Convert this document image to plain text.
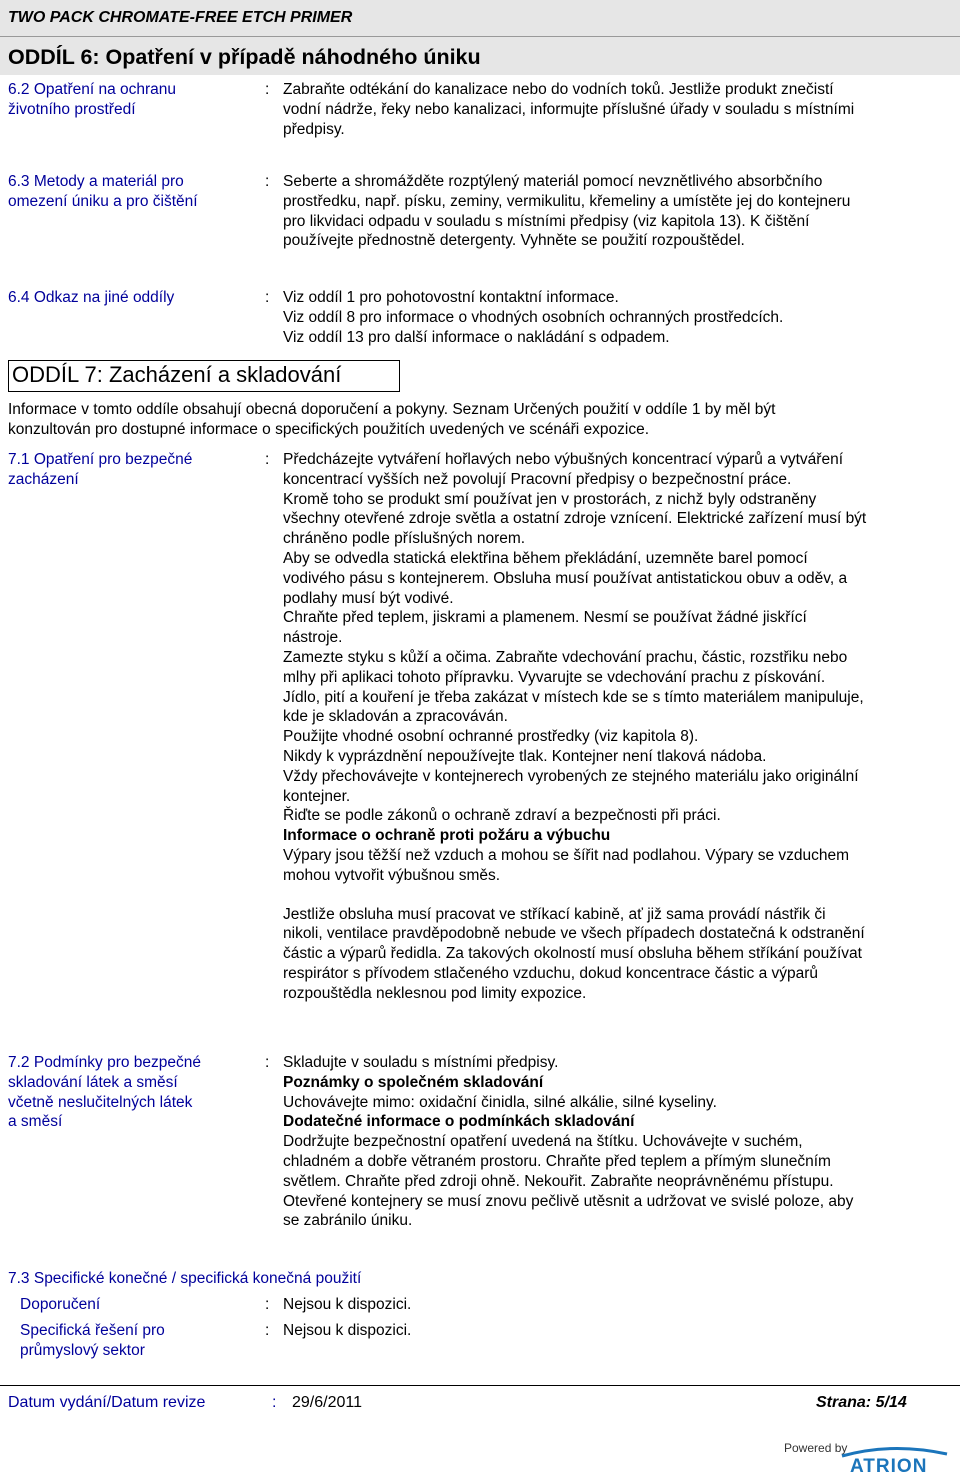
TWO PACK CHROMATE-FREE ETCH PRIMER
ODDÍL 6: Opatření v případě náhodného úniku
6.2 Opatření na ochranu
životního prostředí
: Zabraňte odtékání do kanalizace nebo do vodních toků. Jestliže produkt znečistí
vodní nádrže, řeky nebo kanalizaci, informujte příslušné úřady v souladu s místními
předpisy.
6.3 Metody a materiál pro
omezení úniku a pro čištění
: Seberte a shromážděte rozptýlený materiál pomocí nevznětlivého absorbčního
prostředku, např. písku, zeminy, vermikulitu, křemeliny a umístěte jej do kontejneru
pro likvidaci odpadu v souladu s místními předpisy (viz kapitola 13). K čištění
používejte přednostně detergenty. Vyhněte se použití rozpouštědel.
6.4 Odkaz na jiné oddíly	: Viz oddíl 1 pro pohotovostní kontaktní informace.
Viz oddíl 8 pro informace o vhodných osobních ochranných prostředcích.
Viz oddíl 13 pro další informace o nakládání s odpadem.
ODDÍL 7: Zacházení a skladování
Informace v tomto oddíle obsahují obecná doporučení a pokyny. Seznam Určených použití v oddíle 1 by měl být
konzultován pro dostupné informace o specifických použitích uvedených ve scénáři expozice.
7.1 Opatření pro bezpečné
zacházení
: Předcházejte vytváření hořlavých nebo výbušných koncentrací výparů a vytváření
koncentrací vyšších než povolují Pracovní předpisy o bezpečnostní práce.
Kromě toho se produkt smí používat jen v prostorách, z nichž byly odstraněny
všechny otevřené zdroje světla a ostatní zdroje vznícení. Elektrické zařízení musí být
chráněno podle příslušných norem.
Aby se odvedla statická elektřina během překládání, uzemněte barel pomocí
vodivého pásu s kontejnerem. Obsluha musí používat antistatickou obuv a oděv, a
podlahy musí být vodivé.
Chraňte před teplem, jiskrami a plamenem. Nesmí se používat žádné jiskřící
nástroje.
Zamezte styku s kůží a očima. Zabraňte vdechování prachu, částic, rozstřiku nebo
mlhy při aplikaci tohoto přípravku. Vyvarujte se vdechování prachu z pískování.
Jídlo, pití a kouření je třeba zakázat v místech kde se s tímto materiálem manipuluje,
kde je skladován a zpracováván.
Použijte vhodné osobní ochranné prostředky (viz kapitola 8).
Nikdy k vyprázdnění nepoužívejte tlak. Kontejner není tlaková nádoba.
Vždy přechovávejte v kontejnerech vyrobených ze stejného materiálu jako originální
kontejner.
Řiďte se podle zákonů o ochraně zdraví a bezpečnosti při práci.
Informace o ochraně proti požáru a výbuchu
Výpary jsou těžší než vzduch a mohou se šířit nad podlahou. Výpary se vzduchem
mohou vytvořit výbušnou směs.
Jestliže obsluha musí pracovat ve stříkací kabině, ať již sama provádí nástřik či
nikoli, ventilace pravděpodobně nebude ve všech případech dostatečná k odstranění
částic a výparů ředidla. Za takových okolností musí obsluha během stříkání používat
respirátor s přívodem stlačeného vzduchu, dokud koncentrace částic a výparů
rozpouštědla neklesnou pod limity expozice.
7.2 Podmínky pro bezpečné
skladování látek a směsí
včetně neslučitelných látek
a směsí
: Skladujte v souladu s místními předpisy.
Poznámky o společném skladování
Uchovávejte mimo: oxidační činidla, silné alkálie, silné kyseliny.
Dodatečné informace o podmínkách skladování
Dodržujte bezpečnostní opatření uvedená na štítku. Uchovávejte v suchém,
chladném a dobře větraném prostoru. Chraňte před teplem a přímým slunečním
světlem. Chraňte před zdroji ohně. Nekouřit. Zabraňte neoprávněnému přístupu.
Otevřené kontejnery se musí znovu pečlivě utěsnit a udržovat ve svislé poloze, aby
se zabránilo úniku.
7.3 Specifické konečné / specifická konečná použití
Doporučení	: Nejsou k dispozici.
Specifická řešení pro
průmyslový sektor
: Nejsou k dispozici.
Datum vydání/Datum revize	: 29/6/2011	Strana: 5/14
Powered by
ATRION
